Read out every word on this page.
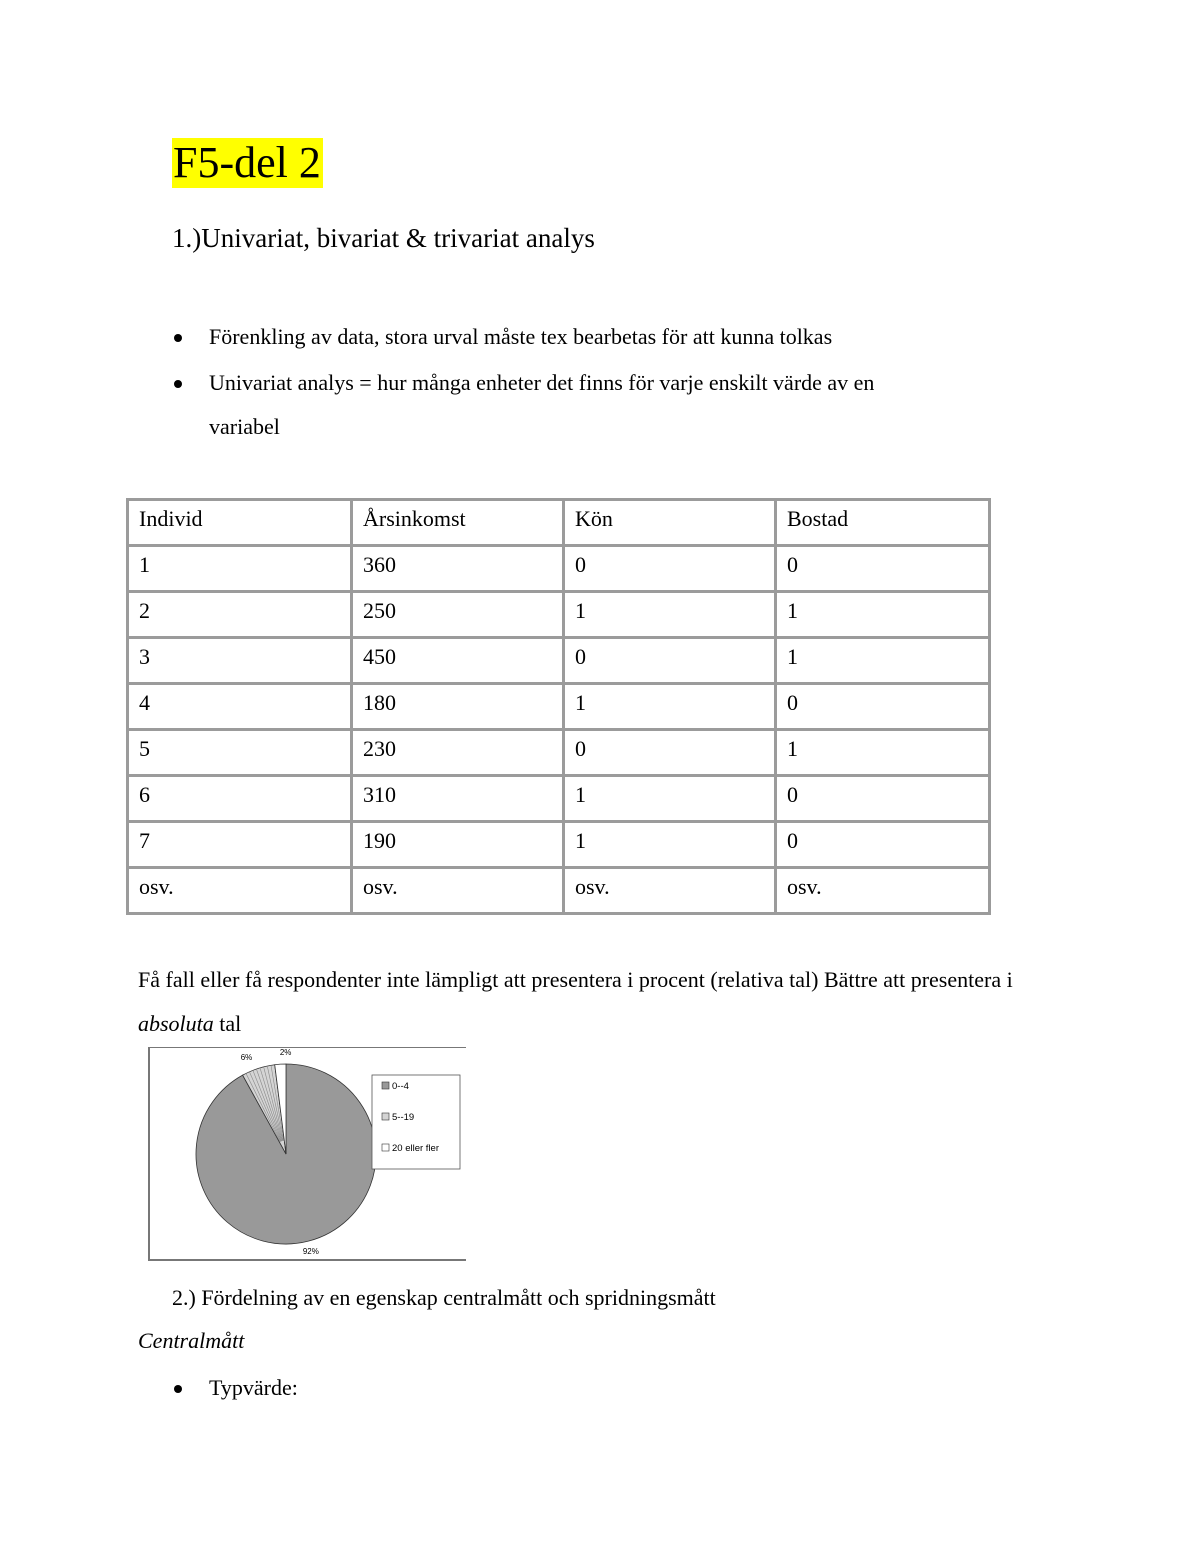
F5-del 2
1.)Univariat, bivariat & trivariat analys
Förenkling av data, stora urval måste tex bearbetas för att kunna tolkas
Univariat analys = hur många enheter det finns för varje enskilt värde av en
variabel
Individ	Årsinkomst	Kön	Bostad
1	360	0	0
2	250	1	1
3	450	0	1
4	180	1	0
5	230	0	1
6	310	1	0
7	190	1	0
osv.	osv.	osv.	osv.
Få fall eller få respondenter inte lämpligt att presentera i procent (relativa tal) Bättre att presentera i absoluta tal
92%
6%
2%
0--4
5--19
20 eller fler
2.) Fördelning av en egenskap centralmått och spridningsmått
Centralmått
Typvärde:
